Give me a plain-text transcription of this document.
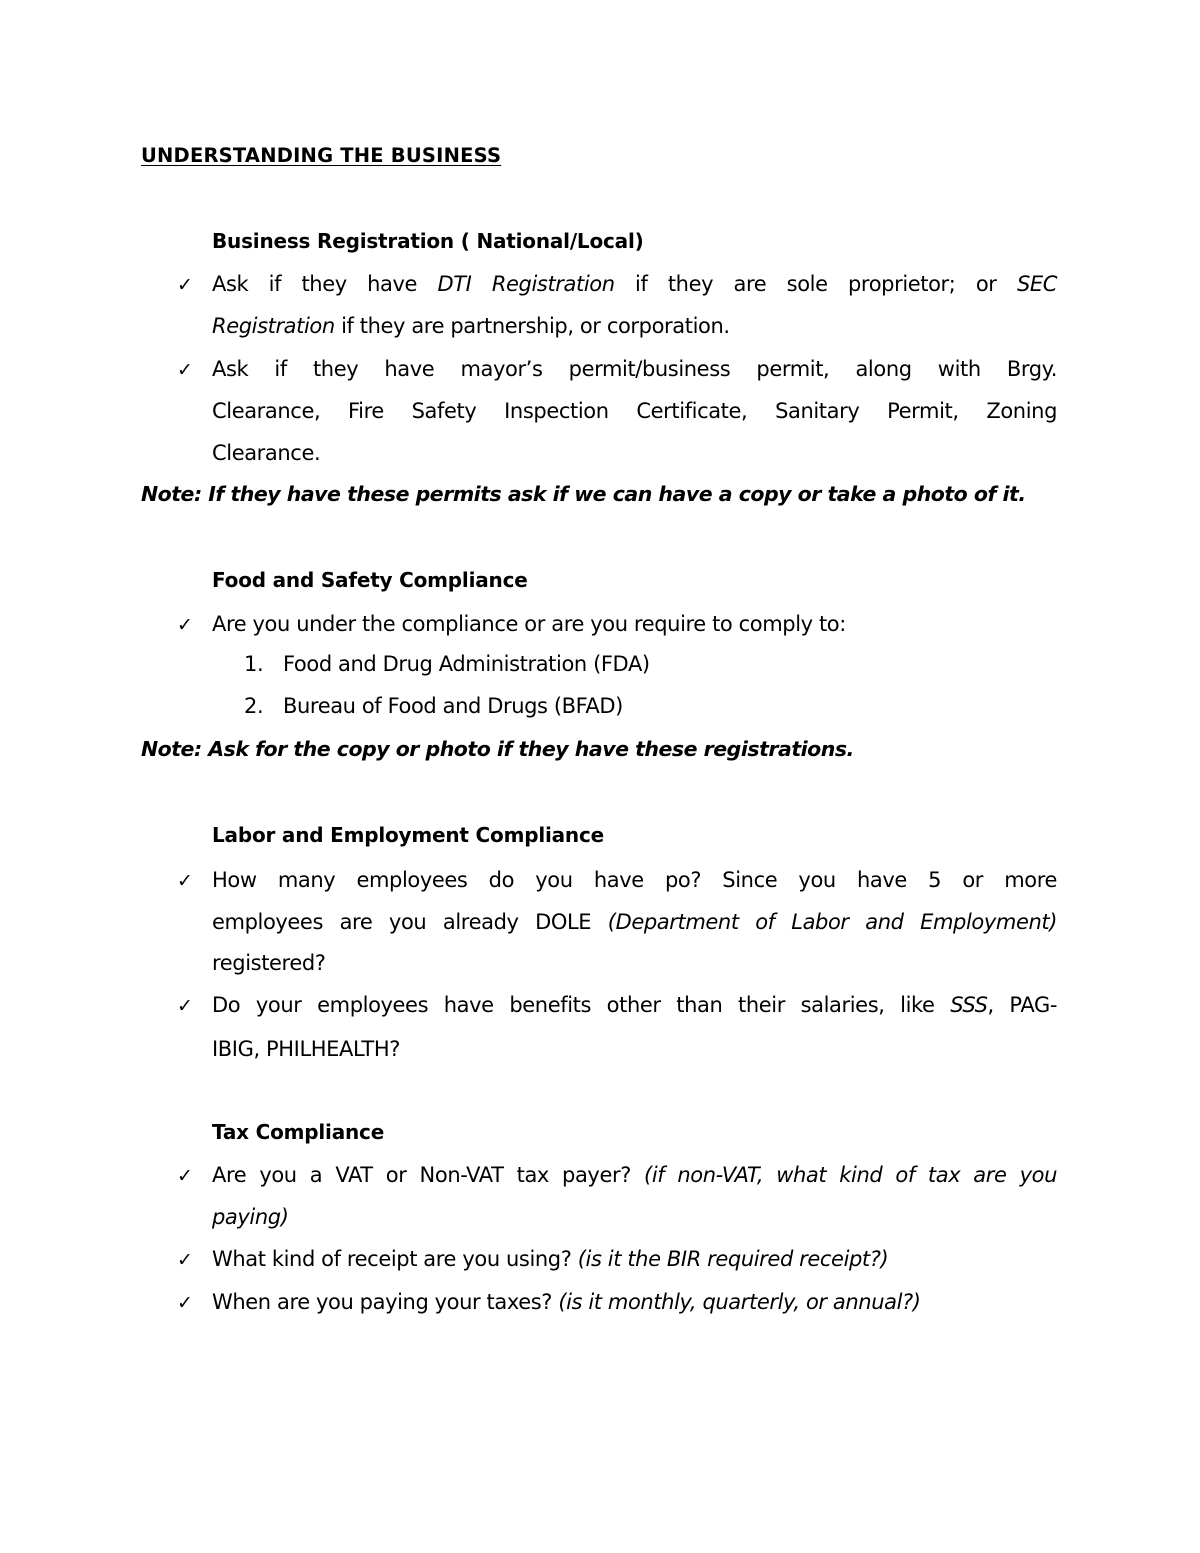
UNDERSTANDING THE BUSINESS
Business Registration ( National/Local)
✓ Ask if they have DTI Registration if they are sole proprietor; or SEC
Registration if they are partnership, or corporation.
✓ Ask if they have mayor’s permit/business permit, along with Brgy.
Clearance, Fire Safety Inspection Certificate, Sanitary Permit, Zoning
Clearance.
Note: If they have these permits ask if we can have a copy or take a photo of it.
Food and Safety Compliance
✓ Are you under the compliance or are you require to comply to:
1. Food and Drug Administration (FDA)
2. Bureau of Food and Drugs (BFAD)
Note: Ask for the copy or photo if they have these registrations.
Labor and Employment Compliance
✓ How many employees do you have po? Since you have 5 or more
employees are you already DOLE (Department of Labor and Employment)
registered?
✓ Do your employees have benefits other than their salaries, like SSS, PAG-
IBIG, PHILHEALTH?
Tax Compliance
✓ Are you a VAT or Non-VAT tax payer? (if non-VAT, what kind of tax are you
paying)
✓ What kind of receipt are you using? (is it the BIR required receipt?)
✓ When are you paying your taxes? (is it monthly, quarterly, or annual?)
